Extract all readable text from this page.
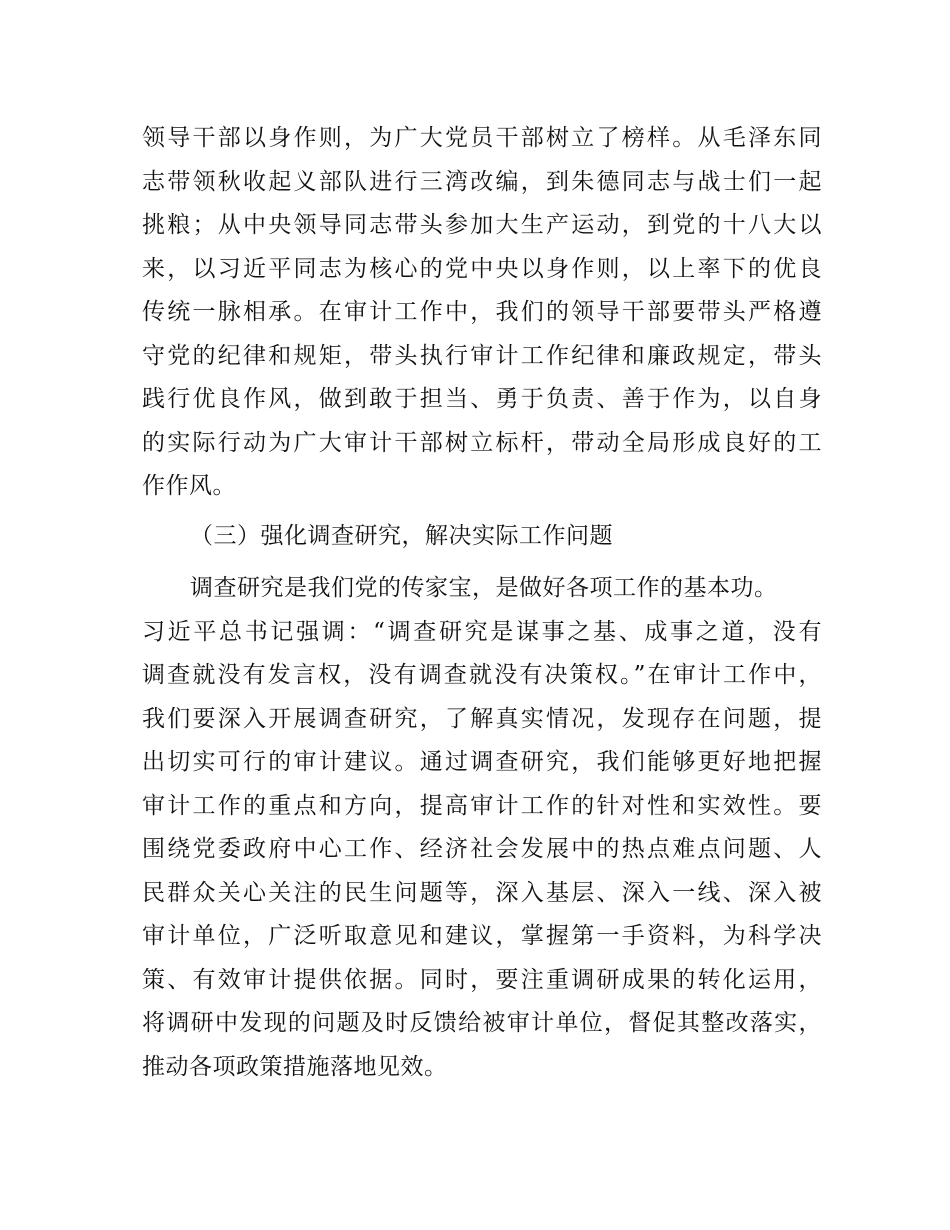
领导干部以身作则，为广大党员干部树立了榜样。从毛泽东同
志带领秋收起义部队进行三湾改编，到朱德同志与战士们一起
挑粮；从中央领导同志带头参加大生产运动，到党的十八大以
来，以习近平同志为核心的党中央以身作则，以上率下的优良
传统一脉相承。在审计工作中，我们的领导干部要带头严格遵
守党的纪律和规矩，带头执行审计工作纪律和廉政规定，带头
践行优良作风，做到敢于担当、勇于负责、善于作为，以自身
的实际行动为广大审计干部树立标杆，带动全局形成良好的工
作作风。
（三）强化调查研究，解决实际工作问题
调查研究是我们党的传家宝，是做好各项工作的基本功。
习近平总书记强调：“调查研究是谋事之基、成事之道，没有
调查就没有发言权，没有调查就没有决策权。”在审计工作中，
我们要深入开展调查研究，了解真实情况，发现存在问题，提
出切实可行的审计建议。通过调查研究，我们能够更好地把握
审计工作的重点和方向，提高审计工作的针对性和实效性。要
围绕党委政府中心工作、经济社会发展中的热点难点问题、人
民群众关心关注的民生问题等，深入基层、深入一线、深入被
审计单位，广泛听取意见和建议，掌握第一手资料，为科学决
策、有效审计提供依据。同时，要注重调研成果的转化运用，
将调研中发现的问题及时反馈给被审计单位，督促其整改落实，
推动各项政策措施落地见效。
